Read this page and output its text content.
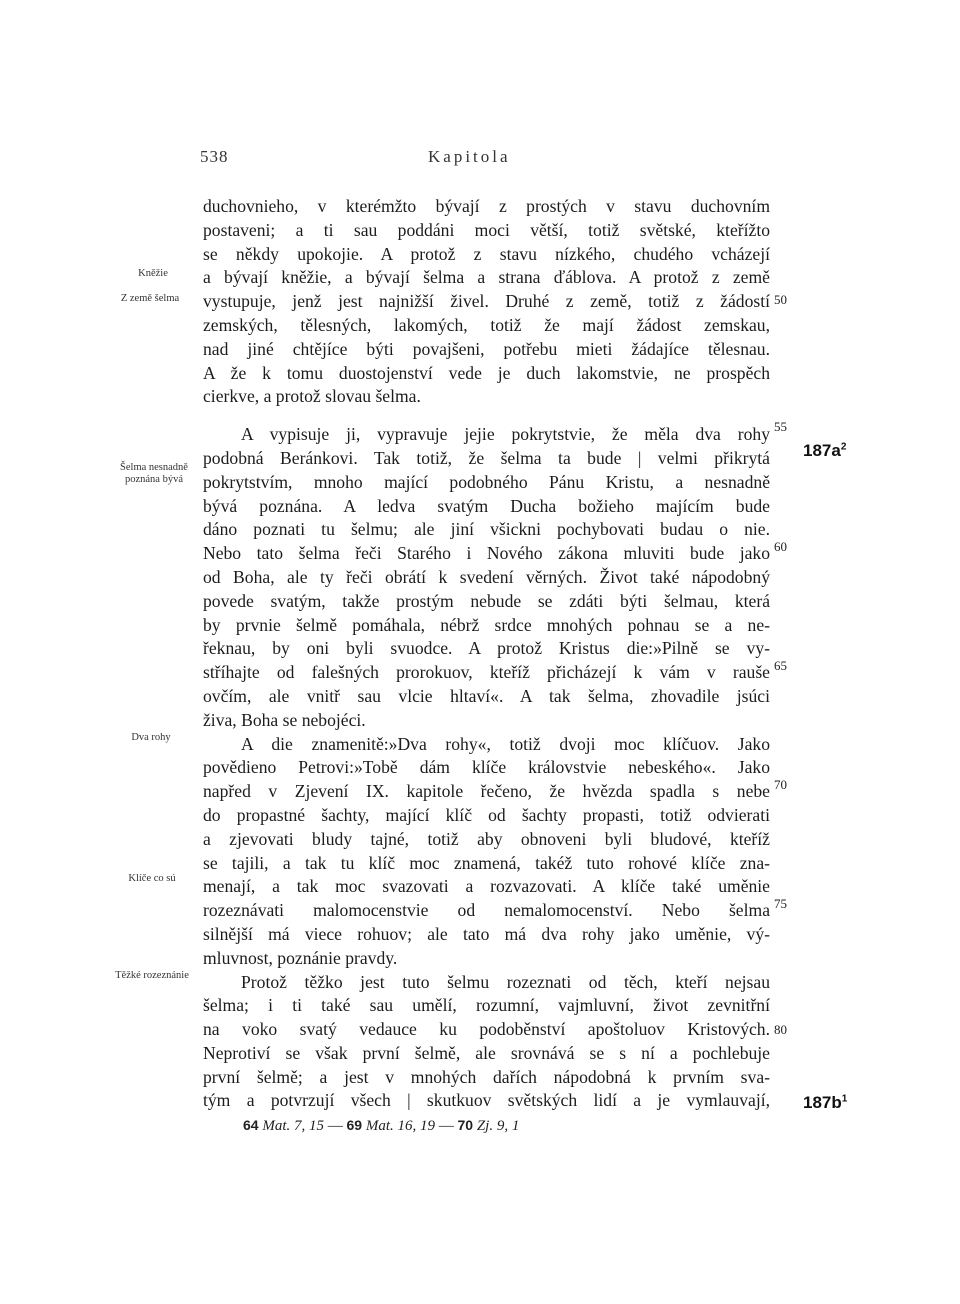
538	Kapitola
duchovnieho, v kterémžto bývají z prostých v stavu duchovním
postaveni; a ti sau poddáni moci větší, totiž světské, kteřížto
se někdy upokojie. A protož z stavu nízkého, chudého vcházejí
a bývají kněžie, a bývají šelma a strana ďáblova. A protož z země
vystupuje, jenž jest najnižší živel. Druhé z země, totiž z žádostí
zemských, tělesných, lakomých, totiž že mají žádost zemskau,
nad jiné chtějíce býti povajšeni, potřebu mieti žádajíce tělesnau.
A že k tomu duostojenství vede je duch lakomstvie, ne prospěch
cierkve, a protož slovau šelma.
A vypisuje ji, vypravuje jejie pokrytstvie, že měla dva rohy
podobná Beránkovi. Tak totiž, že šelma ta bude | velmi přikrytá
pokrytstvím, mnoho mající podobného Pánu Kristu, a nesnadně
bývá poznána. A ledva svatým Ducha božieho majícím bude
dáno poznati tu šelmu; ale jiní všickni pochybovati budau o nie.
Nebo tato šelma řeči Starého i Nového zákona mluviti bude jako
od Boha, ale ty řeči obrátí k svedení věrných. Život také nápodobný
povede svatým, takže prostým nebude se zdáti býti šelmau, která
by prvnie šelmě pomáhala, nébrž srdce mnohých pohnau se a ne-
řeknau, by oni byli svuodce. A protož Kristus die:»Pilně se vy-
stříhajte od falešných prorokuov, kteříž přicházejí k vám v rauše
ovčím, ale vnitř sau vlcie hltaví«. A tak šelma, zhovadile jsúci
živa, Boha se nebojéci.
A die znamenitě:»Dva rohy«, totiž dvoji moc klíčuov. Jako
povědieno Petrovi:»Tobě dám klíče královstvie nebeského«. Jako
napřed v Zjevení IX. kapitole řečeno, že hvězda spadla s nebe
do propastné šachty, mající klíč od šachty propasti, totiž odvierati
a zjevovati bludy tajné, totiž aby obnoveni byli bludové, kteříž
se tajili, a tak tu klíč moc znamená, takéž tuto rohové klíče zna-
menají, a tak moc svazovati a rozvazovati. A klíče také uměnie
rozeznávati malomocenstvie od nemalomocenství. Nebo šelma
silnější má viece rohuov; ale tato má dva rohy jako uměnie, vý-
mluvnost, poznánie pravdy.
Protož těžko jest tuto šelmu rozeznati od těch, kteří nejsau
šelma; i ti také sau umělí, rozumní, vajmluvní, život zevnitřní
na voko svatý vedauce ku podoběnství apoštoluov Kristových.
Neprotiví se však první šelmě, ale srovnává se s ní a pochlebuje
první šelmě; a jest v mnohých dařích nápodobná k prvním sva-
tým a potvrzují všech | skutkuov světských lidí a je vymlauvají,
Kněžie
Z země šelma
Šelma nesnadně poznána bývá
Dva rohy
Klíče co sú
Těžké rozeznánie
50
55
60
65
70
75
80
$187a^2$
$187b^1$
64 Mat. 7, 15 — 69 Mat. 16, 19 — 70 Zj. 9, 1
